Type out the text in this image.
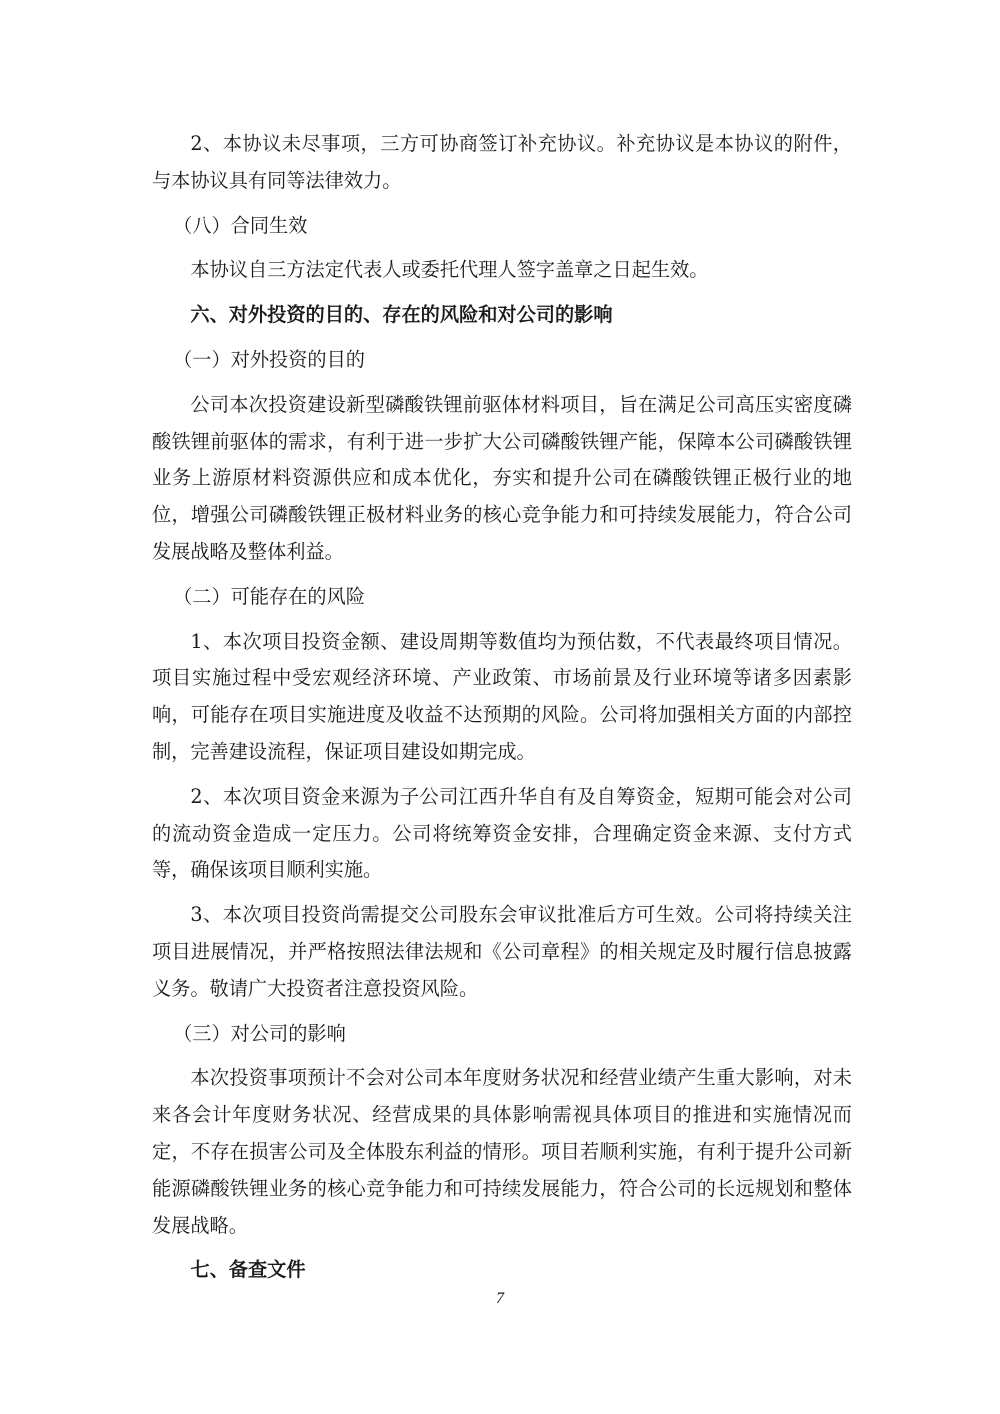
2、本协议未尽事项，三方可协商签订补充协议。补充协议是本协议的附件，与本协议具有同等法律效力。

（八）合同生效

本协议自三方法定代表人或委托代理人签字盖章之日起生效。

六、对外投资的目的、存在的风险和对公司的影响

（一）对外投资的目的

公司本次投资建设新型磷酸铁锂前驱体材料项目，旨在满足公司高压实密度磷酸铁锂前驱体的需求，有利于进一步扩大公司磷酸铁锂产能，保障本公司磷酸铁锂业务上游原材料资源供应和成本优化，夯实和提升公司在磷酸铁锂正极行业的地位，增强公司磷酸铁锂正极材料业务的核心竞争能力和可持续发展能力，符合公司发展战略及整体利益。

（二）可能存在的风险

1、本次项目投资金额、建设周期等数值均为预估数，不代表最终项目情况。项目实施过程中受宏观经济环境、产业政策、市场前景及行业环境等诸多因素影响，可能存在项目实施进度及收益不达预期的风险。公司将加强相关方面的内部控制，完善建设流程，保证项目建设如期完成。

2、本次项目资金来源为子公司江西升华自有及自筹资金，短期可能会对公司的流动资金造成一定压力。公司将统筹资金安排，合理确定资金来源、支付方式等，确保该项目顺利实施。

3、本次项目投资尚需提交公司股东会审议批准后方可生效。公司将持续关注项目进展情况，并严格按照法律法规和《公司章程》的相关规定及时履行信息披露义务。敬请广大投资者注意投资风险。

（三）对公司的影响

本次投资事项预计不会对公司本年度财务状况和经营业绩产生重大影响，对未来各会计年度财务状况、经营成果的具体影响需视具体项目的推进和实施情况而定，不存在损害公司及全体股东利益的情形。项目若顺利实施，有利于提升公司新能源磷酸铁锂业务的核心竞争能力和可持续发展能力，符合公司的长远规划和整体发展战略。

七、备查文件

7
